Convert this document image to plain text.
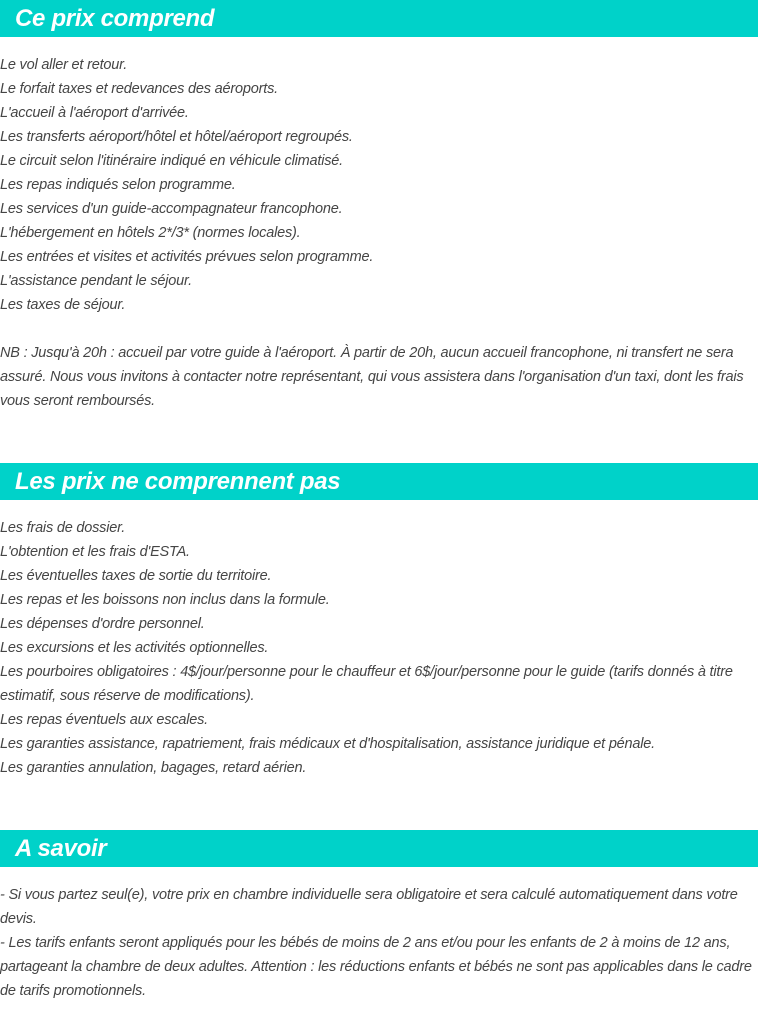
Ce prix comprend

Le vol aller et retour.

Le forfait taxes et redevances des aéroports.

L'accueil à l'aéroport d'arrivée.

Les transferts aéroport/hôtel et hôtel/aéroport regroupés.

Le circuit selon l'itinéraire indiqué en véhicule climatisé.

Les repas indiqués selon programme.

Les services d'un guide-accompagnateur francophone.

L'hébergement en hôtels 2*/3* (normes locales).

Les entrées et visites et activités prévues selon programme.

L'assistance pendant le séjour.

Les taxes de séjour.

NB : Jusqu'à 20h : accueil par votre guide à l'aéroport. À partir de 20h, aucun accueil francophone, ni transfert ne sera assuré. Nous vous invitons à contacter notre représentant, qui vous assistera dans l'organisation d'un taxi, dont les frais vous seront remboursés.

Les prix ne comprennent pas

Les frais de dossier.

L'obtention et les frais d'ESTA.

Les éventuelles taxes de sortie du territoire.

Les repas et les boissons non inclus dans la formule.

Les dépenses d'ordre personnel.

Les excursions et les activités optionnelles.

Les pourboires obligatoires : 4$/jour/personne pour le chauffeur et 6$/jour/personne pour le guide (tarifs donnés à titre estimatif, sous réserve de modifications).

Les repas éventuels aux escales.

Les garanties assistance, rapatriement, frais médicaux et d'hospitalisation, assistance juridique et pénale.

Les garanties annulation, bagages, retard aérien.

A savoir

- Si vous partez seul(e), votre prix en chambre individuelle sera obligatoire et sera calculé automatiquement dans votre devis.

- Les tarifs enfants seront appliqués pour les bébés de moins de 2 ans et/ou pour les enfants de 2 à moins de 12 ans, partageant la chambre de deux adultes. Attention : les réductions enfants et bébés ne sont pas applicables dans le cadre de tarifs promotionnels.
